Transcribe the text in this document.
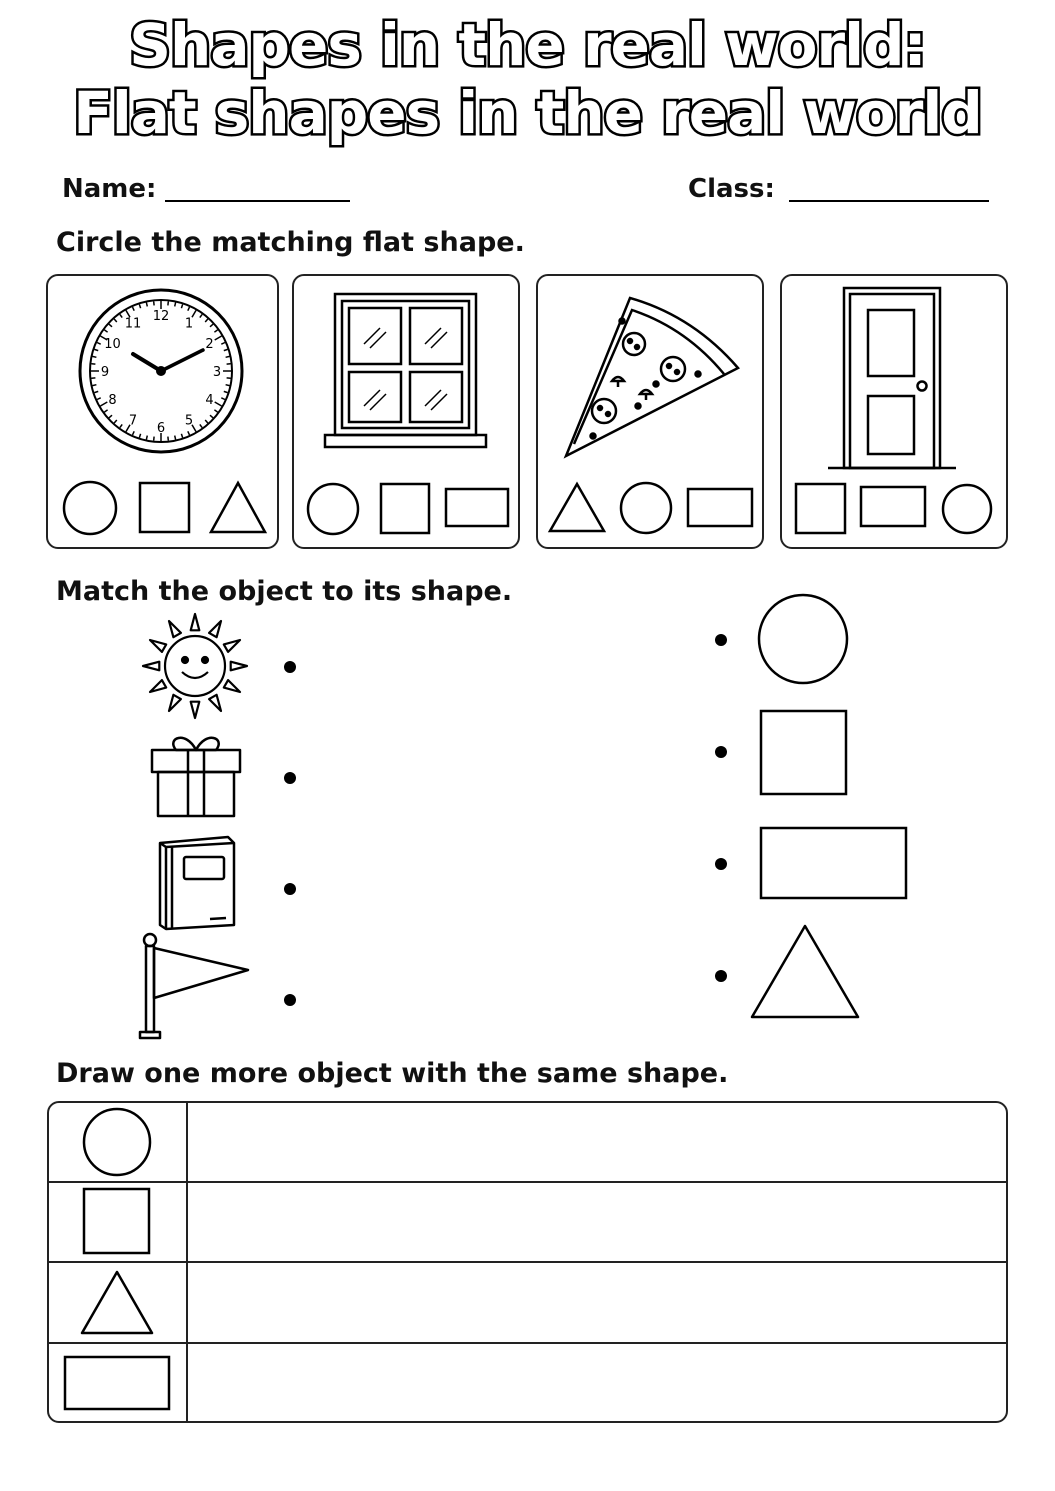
Shapes in the real world:
Flat shapes in the real world
Name:	Class:
Circle the matching flat shape.
12 1
2
3
4
5
6
7
8
9
10
11
Match the object to its shape.
Draw one more object with the same shape.
